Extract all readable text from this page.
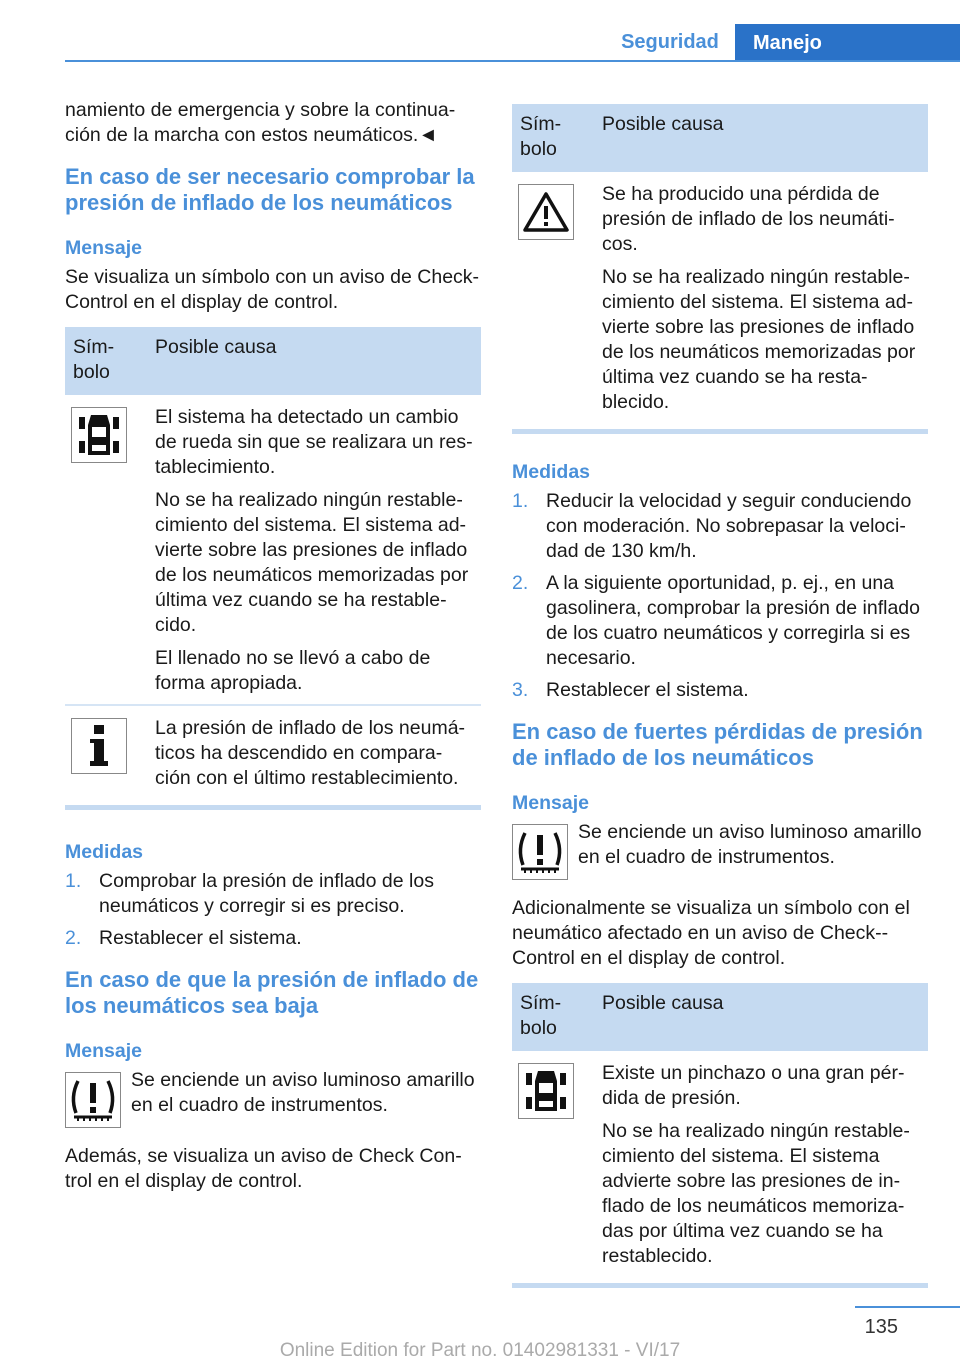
Seguridad	Manejo

namiento de emergencia y sobre la continua-ción de la marcha con estos neumáticos.◄

En caso de ser necesario comprobar la presión de inflado de los neumáticos
Mensaje

Se visualiza un símbolo con un aviso de Check-Control en el display de control.

Sím-bolo	Posible causa

El sistema ha detectado un cambio de rueda sin que se realizara un res-tablecimiento.
No se ha realizado ningún restable-cimiento del sistema. El sistema ad-vierte sobre las presiones de inflado de los neumáticos memorizadas por última vez cuando se ha restable-cido.
El llenado no se llevó a cabo de forma apropiada.

La presión de inflado de los neumá-ticos ha descendido en compara-ción con el último restablecimiento.
Medidas
1. Comprobar la presión de inflado de los neumáticos y corregir si es preciso.
2. Restablecer el sistema.
En caso de que la presión de inflado de los neumáticos sea baja
Mensaje
Se enciende un aviso luminoso amarillo en el cuadro de instrumentos.

Además, se visualiza un aviso de Check Con-trol en el display de control.

Sím-bolo	Posible causa

Se ha producido una pérdida de presión de inflado de los neumáti-cos.
No se ha realizado ningún restable-cimiento del sistema. El sistema ad-vierte sobre las presiones de inflado de los neumáticos memorizadas por última vez cuando se ha resta-blecido.
Medidas
1. Reducir la velocidad y seguir conduciendo con moderación. No sobrepasar la veloci-dad de 130 km/h.
2. A la siguiente oportunidad, p. ej., en una gasolinera, comprobar la presión de inflado de los cuatro neumáticos y corregirla si es necesario.
3. Restablecer el sistema.
En caso de fuertes pérdidas de presión de inflado de los neumáticos
Mensaje
Se enciende un aviso luminoso amarillo en el cuadro de instrumentos.

Adicionalmente se visualiza un símbolo con el neumático afectado en un aviso de Check--Control en el display de control.

Sím-bolo	Posible causa

Existe un pinchazo o una gran pér-dida de presión.
No se ha realizado ningún restable-cimiento del sistema. El sistema advierte sobre las presiones de in-flado de los neumáticos memoriza-das por última vez cuando se ha restablecido.
135
Online Edition for Part no. 01402981331 - VI/17
